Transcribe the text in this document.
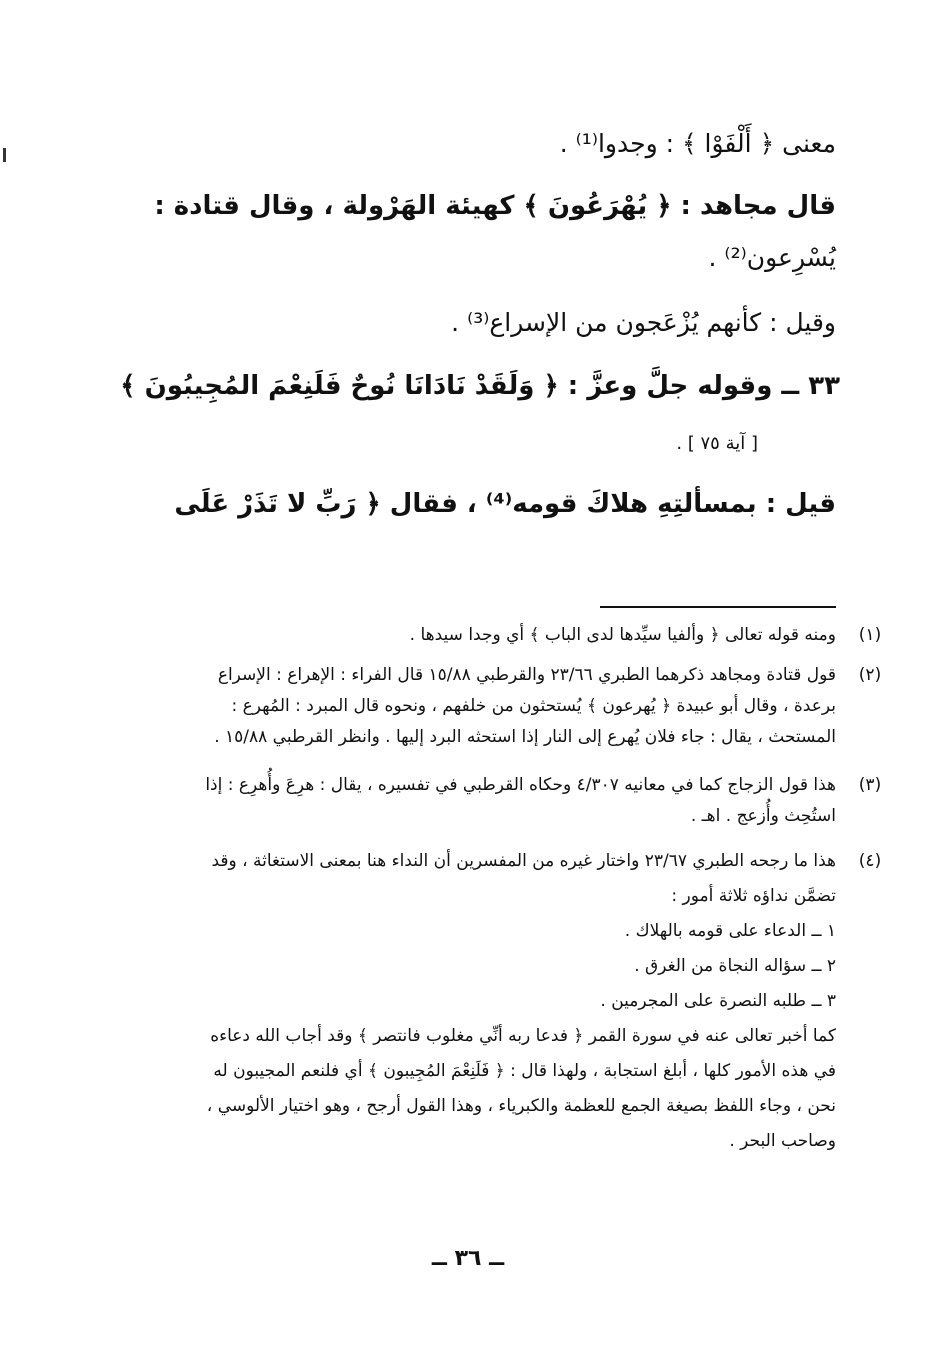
معنى ﴿ أَلْفَوْا ﴾ : وجدوا⁽¹⁾ .
قال مجاهد : ﴿ يُهْرَعُونَ ﴾ كهيئة الهَرْولة ، وقال قتادة :
يُسْرِعون⁽²⁾ .
وقيل : كأنهم يُزْعَجون من الإسراع⁽³⁾ .
٣٣ ــ وقوله جلَّ وعزَّ : ﴿ وَلَقَدْ نَادَانَا نُوحٌ فَلَنِعْمَ المُجِيبُونَ ﴾
[ آية ٧٥ ] .
قيل : بمسألتِهِ هلاكَ قومه⁽⁴⁾ ، فقال ﴿ رَبِّ لا تَذَرْ عَلَى
(١)
ومنه قوله تعالى ﴿ وألفيا سيِّدها لدى الباب ﴾ أي وجدا سيدها .
(٢)
قول قتادة ومجاهد ذكرهما الطبري ٢٣/٦٦ والقرطبي ١٥/٨٨ قال الفراء : الإهراع : الإسراع
برعدة ، وقال أبو عبيدة ﴿ يُهرعون ﴾ يُستحثون من خلفهم ، ونحوه قال المبرد : المُهرع :
المستحث ، يقال : جاء فلان يُهرع إلى النار إذا استحثه البرد إليها . وانظر القرطبي ١٥/٨٨ .
(٣)
هذا قول الزجاج كما في معانيه ٤/٣٠٧ وحكاه القرطبي في تفسيره ، يقال : هرِعَ وأُهرِع : إذا
استُحِث وأُزعج . اهـ .
(٤)
هذا ما رجحه الطبري ٢٣/٦٧ واختار غيره من المفسرين أن النداء هنا بمعنى الاستغاثة ، وقد
تضمَّن نداؤه ثلاثة أمور :
١ ــ الدعاء على قومه بالهلاك .
٢ ــ سؤاله النجاة من الغرق .
٣ ــ طلبه النصرة على المجرمين .
كما أخبر تعالى عنه في سورة القمر ﴿ فدعا ربه أنِّي مغلوب فانتصر ﴾ وقد أجاب الله دعاءه
في هذه الأمور كلها ، أبلغ استجابة ، ولهذا قال : ﴿ فَلَنِعْمَ المُجِيبون ﴾ أي فلنعم المجيبون له
نحن ، وجاء اللفظ بصيغة الجمع للعظمة والكبرياء ، وهذا القول أرجح ، وهو اختيار الألوسي ،
وصاحب البحر .
ــ ٣٦ ــ
